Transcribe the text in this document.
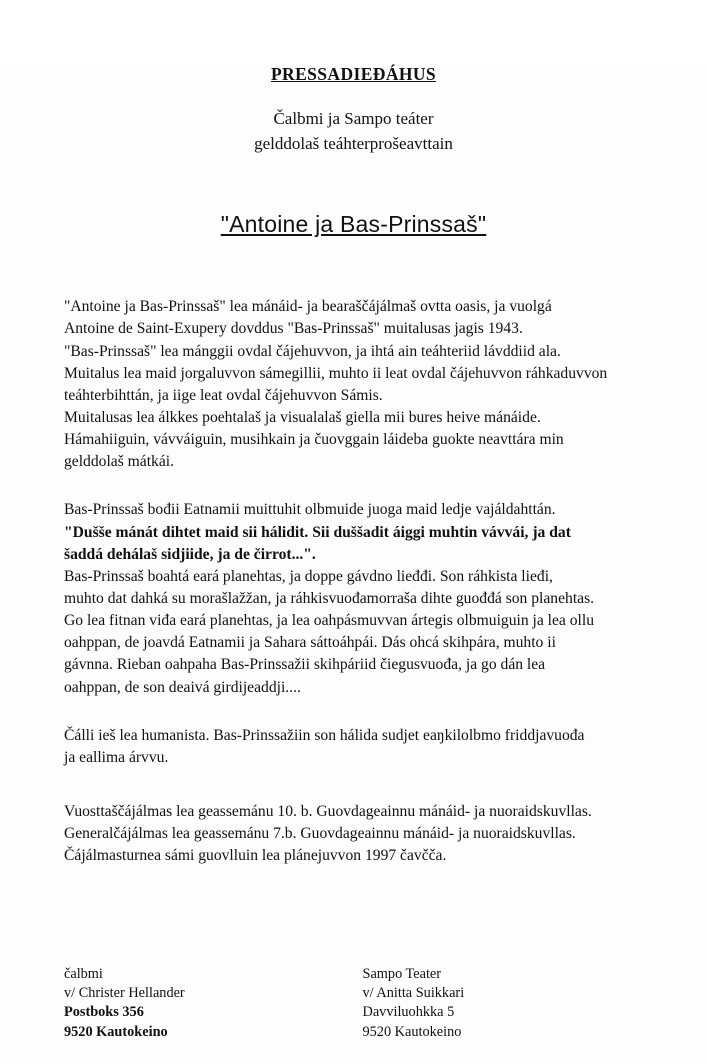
PRESSADIEĐÁHUS
Čalbmi ja Sampo teáter
gelddolaš teáhterprošeavttain
"Antoine ja Bas-Prinssaš"

"Antoine ja Bas-Prinssaš" lea mánáid- ja bearaščájálmaš ovtta oasis, ja vuolgá
Antoine de Saint-Exupery dovddus "Bas-Prinssaš" muitalusas jagis 1943.
"Bas-Prinssaš" lea mánggii ovdal čájehuvvon, ja ihtá ain teáhteriid lávddiid ala.
Muitalus lea maid jorgaluvvon sámegillii, muhto ii leat ovdal čájehuvvon ráhkaduvvon
teáhterbihttán, ja iige leat ovdal čájehuvvon Sámis.
Muitalusas lea álkkes poehtalaš ja visualalaš giella mii bures heive mánáide.
Hámahiiguin, vávváiguin, musihkain ja čuovggain láideba guokte neavttára min
gelddolaš mátkái.

Bas-Prinssaš bođii Eatnamii muittuhit olbmuide juoga maid ledje vajáldahttán.

"Dušše mánát dihtet maid sii hálidit. Sii duššadit áiggi muhtin vávvái, ja dat
šaddá dehálaš sidjiide, ja de čirrot...".

Bas-Prinssaš boahtá eará planehtas, ja doppe gávdno lieđđi. Son ráhkista lieđi,
muhto dat dahká su morašlažžan, ja ráhkisvuođamorraša dihte guođđá son planehtas.
Go lea fitnan viđa eará planehtas, ja lea oahpásmuvvan ártegis olbmuiguin ja lea ollu
oahppan, de joavdá Eatnamii ja Sahara sáttoáhpái. Dás ohcá skihpára, muhto ii
gávnna. Rieban oahpaha Bas-Prinssažii skihpáriid čiegusvuođa, ja go dán lea
oahppan, de son deaivá girdijeaddji....

Čálli ieš lea humanista. Bas-Prinssažiin son hálida sudjet eaŋkilolbmo friddjavuođa
ja eallima árvvu.

Vuosttaščájálmas lea geassemánu 10. b. Guovdageainnu mánáid- ja nuoraidskuvllas.
Generalčájálmas lea geassemánu 7.b. Guovdageainnu mánáid- ja nuoraidskuvllas.
Čájálmasturnea sámi guovlluin lea plánejuvvon 1997 čavčča.

čalbmi
v/ Christer Hellander
Postboks 356
9520 Kautokeino
Sampo Teater
v/ Anitta Suikkari
Davviluohkka 5
9520 Kautokeino
